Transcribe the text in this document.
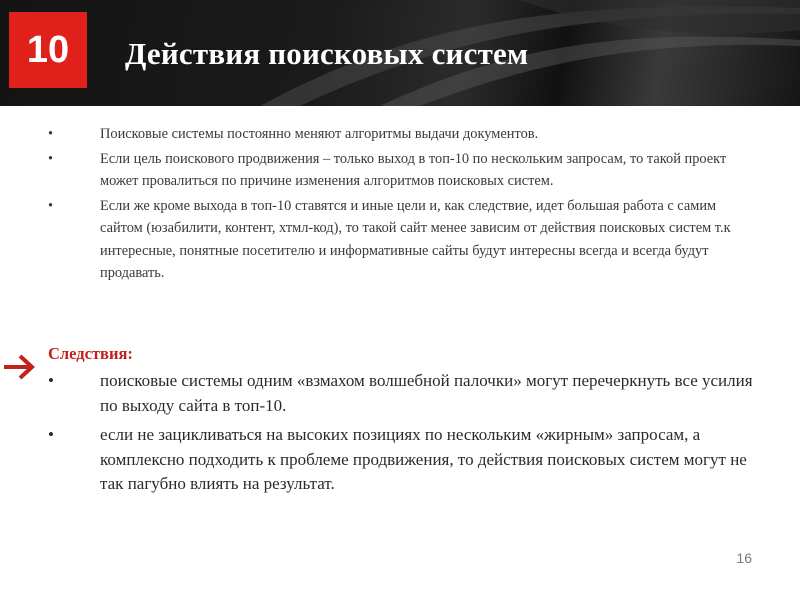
10	Действия поисковых систем
•	Поисковые системы постоянно меняют алгоритмы выдачи документов.
•	Если цель поискового продвижения – только выход в топ-10 по нескольким запросам, то такой проект может провалиться по причине изменения алгоритмов поисковых систем.
•	Если же кроме выхода в топ-10 ставятся и иные цели и, как следствие, идет большая работа с самим сайтом (юзабилити, контент, хтмл-код), то такой сайт менее зависим от действия поисковых систем т.к интересные, понятные посетителю и информативные сайты будут интересны всегда и всегда будут продавать.
Следствия:
•	поисковые системы одним «взмахом волшебной палочки» могут перечеркнуть все усилия по выходу сайта в топ-10.
•	если не зацикливаться на высоких позициях по нескольким «жирным» запросам, а комплексно подходить к проблеме продвижения, то действия поисковых систем могут не так пагубно влиять на результат.
16
